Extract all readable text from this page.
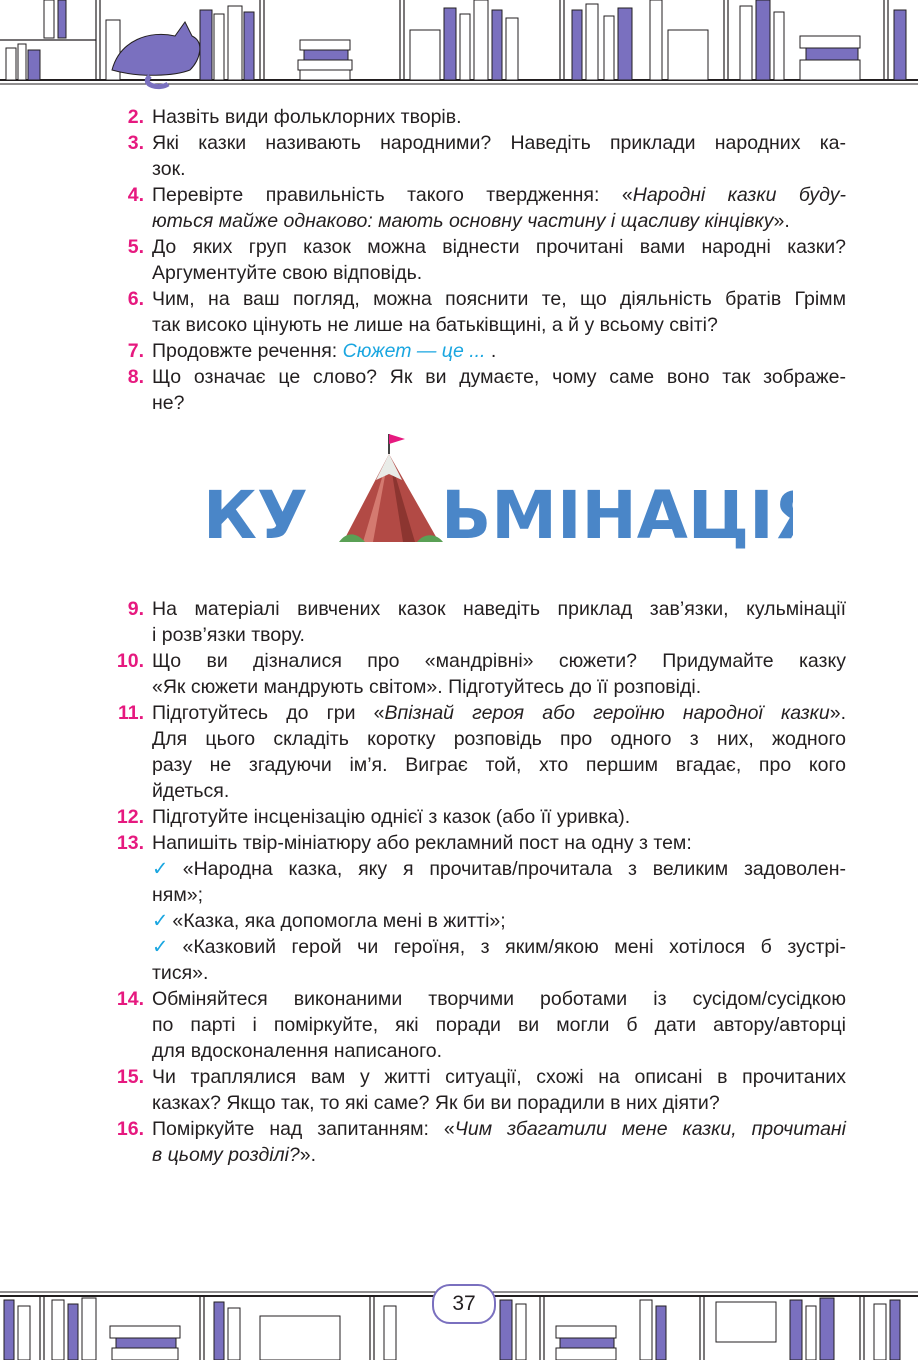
2. Назвіть види фольклорних творів.
3. Які казки називають народними? Наведіть приклади народних ка-
зок.
4. Перевірте правильність такого твердження: «Народні казки буду-
ються майже однаково: мають основну частину і щасливу кінцівку».
5. До яких груп казок можна віднести прочитані вами народні казки?
Аргументуйте свою відповідь.
6. Чим, на ваш погляд, можна пояснити те, що діяльність братів Грімм
так високо цінують не лише на батьківщині, а й у всьому світі?
7. Продовжте речення: Сюжет — це ... .
8. Що означає це слово? Як ви думаєте, чому саме воно так зображе-
не?
9. На матеріалі вивчених казок наведіть приклад зав’язки, кульмінації
і розв’язки твору.
10. Що ви дізналися про «мандрівні» сюжети? Придумайте казку
«Як сюжети мандрують світом». Підготуйтесь до її розповіді.
11. Підготуйтесь до гри «Впізнай героя або героїню народної казки».
Для цього складіть коротку розповідь про одного з них, жодного
разу не згадуючи ім’я. Виграє той, хто першим вгадає, про кого
йдеться.
12. Підготуйте інсценізацію однієї з казок (або її уривка).
13. Напишіть твір-мініатюру або рекламний пост на одну з тем:
✓ «Народна казка, яку я прочитав/прочитала з великим задоволен-
ням»;
✓ «Казка, яка допомогла мені в житті»;
✓ «Казковий герой чи героїня, з яким/якою мені хотілося б зустрі-
тися».
14. Обміняйтеся виконаними творчими роботами із сусідом/сусідкою
по парті і поміркуйте, які поради ви могли б дати автору/авторці
для вдосконалення написаного.
15. Чи траплялися вам у житті ситуації, схожі на описані в прочитаних
казках? Якщо так, то які саме? Як би ви порадили в них діяти?
16. Поміркуйте над запитанням: «Чим збагатили мене казки, прочитані
в цьому розділі?».
КУ ЬМІНАЦІЯ
37
